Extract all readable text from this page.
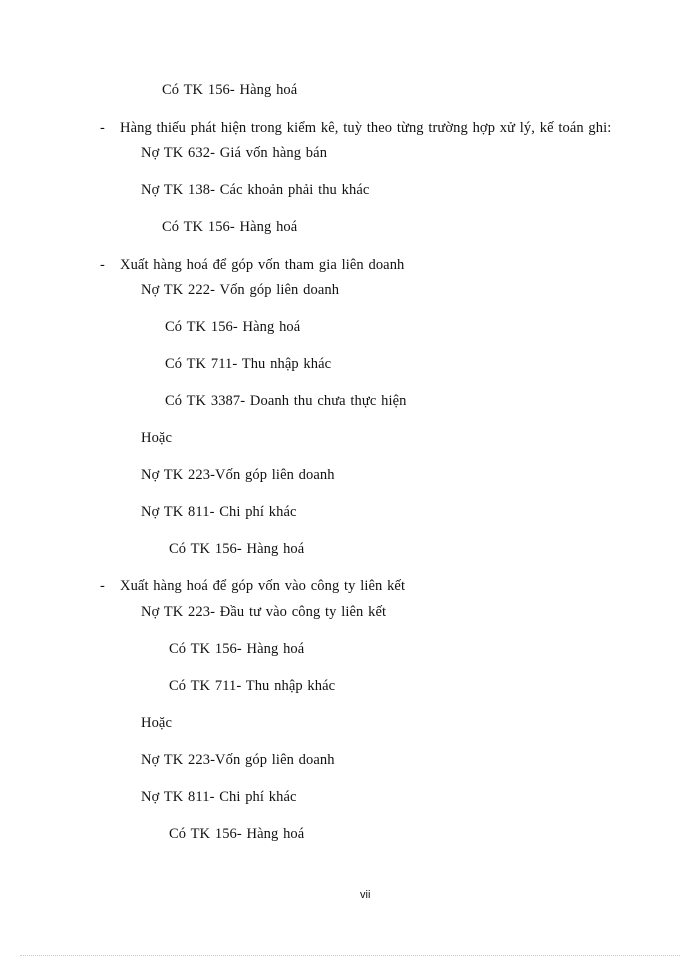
Có TK 156- Hàng hoá
- Hàng thiếu phát hiện trong kiểm kê, tuỳ theo từng trường hợp xử lý, kế toán ghi:
Nợ TK 632- Giá vốn hàng bán
Nợ TK 138- Các khoản phải thu khác
Có TK 156- Hàng hoá
- Xuất hàng hoá để góp vốn tham gia liên doanh
Nợ TK 222- Vốn góp liên doanh
Có TK 156- Hàng hoá
Có TK 711- Thu nhập khác
Có TK 3387- Doanh thu chưa thực hiện
Hoặc
Nợ TK 223-Vốn góp liên doanh
Nợ TK 811- Chi phí khác
Có TK 156- Hàng hoá
- Xuất hàng hoá để góp vốn vào công ty liên kết
Nợ TK 223- Đầu tư vào công ty liên kết
Có TK 156- Hàng hoá
Có TK 711- Thu nhập khác
Hoặc
Nợ TK 223-Vốn góp liên doanh
Nợ TK 811- Chi phí khác
Có TK 156- Hàng hoá
vii
